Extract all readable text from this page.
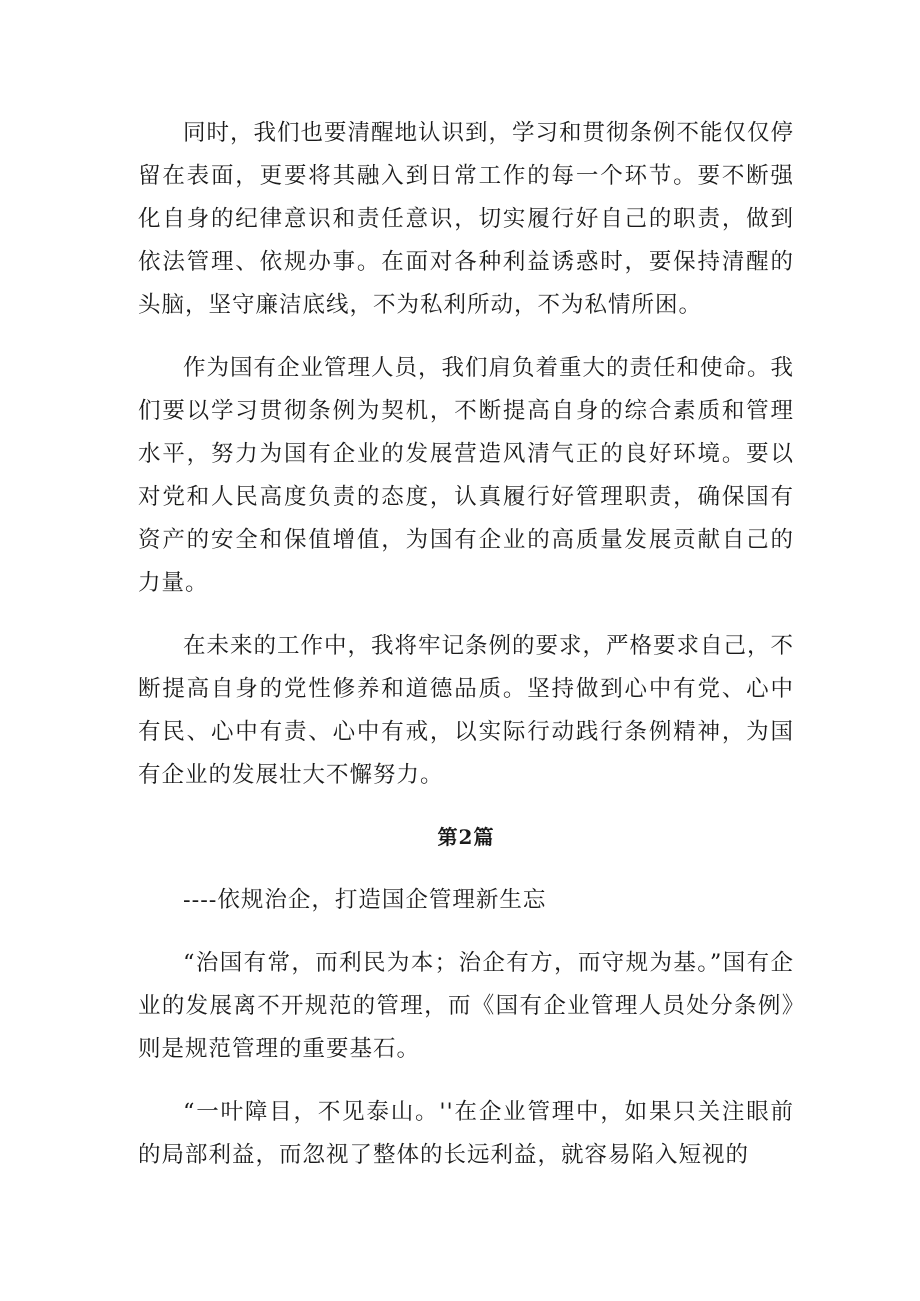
同时，我们也要清醒地认识到，学习和贯彻条例不能仅仅停留在表面，更要将其融入到日常工作的每一个环节。要不断强化自身的纪律意识和责任意识，切实履行好自己的职责，做到依法管理、依规办事。在面对各种利益诱惑时，要保持清醒的头脑，坚守廉洁底线，不为私利所动，不为私情所困。

作为国有企业管理人员，我们肩负着重大的责任和使命。我们要以学习贯彻条例为契机，不断提高自身的综合素质和管理水平，努力为国有企业的发展营造风清气正的良好环境。要以对党和人民高度负责的态度，认真履行好管理职责，确保国有资产的安全和保值增值，为国有企业的高质量发展贡献自己的力量。

在未来的工作中，我将牢记条例的要求，严格要求自己，不断提高自身的党性修养和道德品质。坚持做到心中有党、心中有民、心中有责、心中有戒，以实际行动践行条例精神，为国有企业的发展壮大不懈努力。

第2篇
----依规治企，打造国企管理新生忘

“治国有常，而利民为本；治企有方，而守规为基。”国有企业的发展离不开规范的管理，而《国有企业管理人员处分条例》则是规范管理的重要基石。

“一叶障目，不见泰山。''在企业管理中，如果只关注眼前的局部利益，而忽视了整体的长远利益，就容易陷入短视的
